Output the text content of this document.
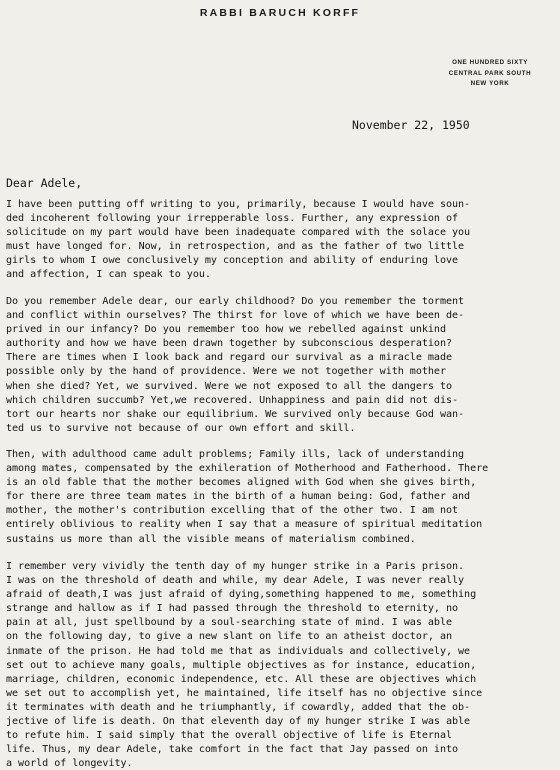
RABBI BARUCH KORFF
ONE HUNDRED SIXTY
CENTRAL PARK SOUTH
NEW YORK
November 22, 1950
Dear Adele,
I have been putting off writing to you, primarily, because I would have soun-
ded incoherent following your irrepperable loss. Further, any expression of
solicitude on my part would have been inadequate compared with the solace you
must have longed for. Now, in retrospection, and as the father of two little
girls to whom I owe conclusively my conception and ability of enduring love
and affection, I can speak to you.
Do you remember Adele dear, our early childhood? Do you remember the torment
and conflict within ourselves? The thirst for love of which we have been de-
prived in our infancy? Do you remember too how we rebelled against unkind
authority and how we have been drawn together by subconscious desperation?
There are times when I look back and regard our survival as a miracle made
possible only by the hand of providence. Were we not together with mother
when she died? Yet, we survived. Were we not exposed to all the dangers to
which children succumb? Yet,we recovered. Unhappiness and pain did not dis-
tort our hearts nor shake our equilibrium. We survived only because God wan-
ted us to survive not because of our own effort and skill.
Then, with adulthood came adult problems; Family ills, lack of understanding
among mates, compensated by the exhileration of Motherhood and Fatherhood. There
is an old fable that the mother becomes aligned with God when she gives birth,
for there are three team mates in the birth of a human being: God, father and
mother, the mother's contribution excelling that of the other two. I am not
entirely oblivious to reality when I say that a measure of spiritual meditation
sustains us more than all the visible means of materialism combined.
I remember very vividly the tenth day of my hunger strike in a Paris prison.
I was on the threshold of death and while, my dear Adele, I was never really
afraid of death,I was just afraid of dying,something happened to me, something
strange and hallow as if I had passed through the threshold to eternity, no
pain at all, just spellbound by a soul-searching state of mind. I was able
on the following day, to give a new slant on life to an atheist doctor, an
inmate of the prison. He had told me that as individuals and collectively, we
set out to achieve many goals, multiple objectives as for instance, education,
marriage, children, economic independence, etc. All these are objectives which
we set out to accomplish yet, he maintained, life itself has no objective since
it terminates with death and he triumphantly, if cowardly, added that the ob-
jective of life is death. On that eleventh day of my hunger strike I was able
to refute him. I said simply that the overall objective of life is Eternal
life. Thus, my dear Adele, take comfort in the fact that Jay passed on into
a world of longevity.
